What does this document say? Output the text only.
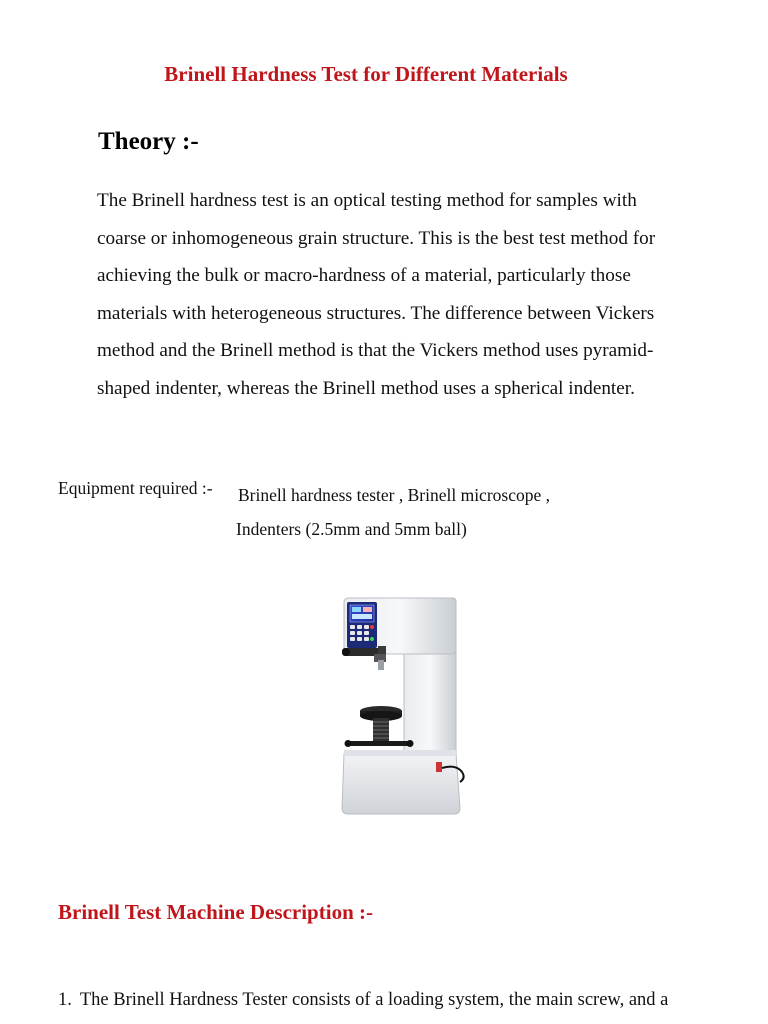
Brinell Hardness Test for Different Materials
Theory :-
The Brinell hardness test is an optical testing method for samples with
coarse or inhomogeneous grain structure. This is the best test method for
achieving the bulk or macro-hardness of a material, particularly those
materials with heterogeneous structures. The difference between Vickers
method and the Brinell method is that the Vickers method uses pyramid-
shaped indenter, whereas the Brinell method uses a spherical indenter.
Equipment required :- Brinell hardness tester , Brinell microscope ,
Indenters (2.5mm and 5mm ball)
Brinell Test Machine Description :-
1. The Brinell Hardness Tester consists of a loading system, the main screw, and a
